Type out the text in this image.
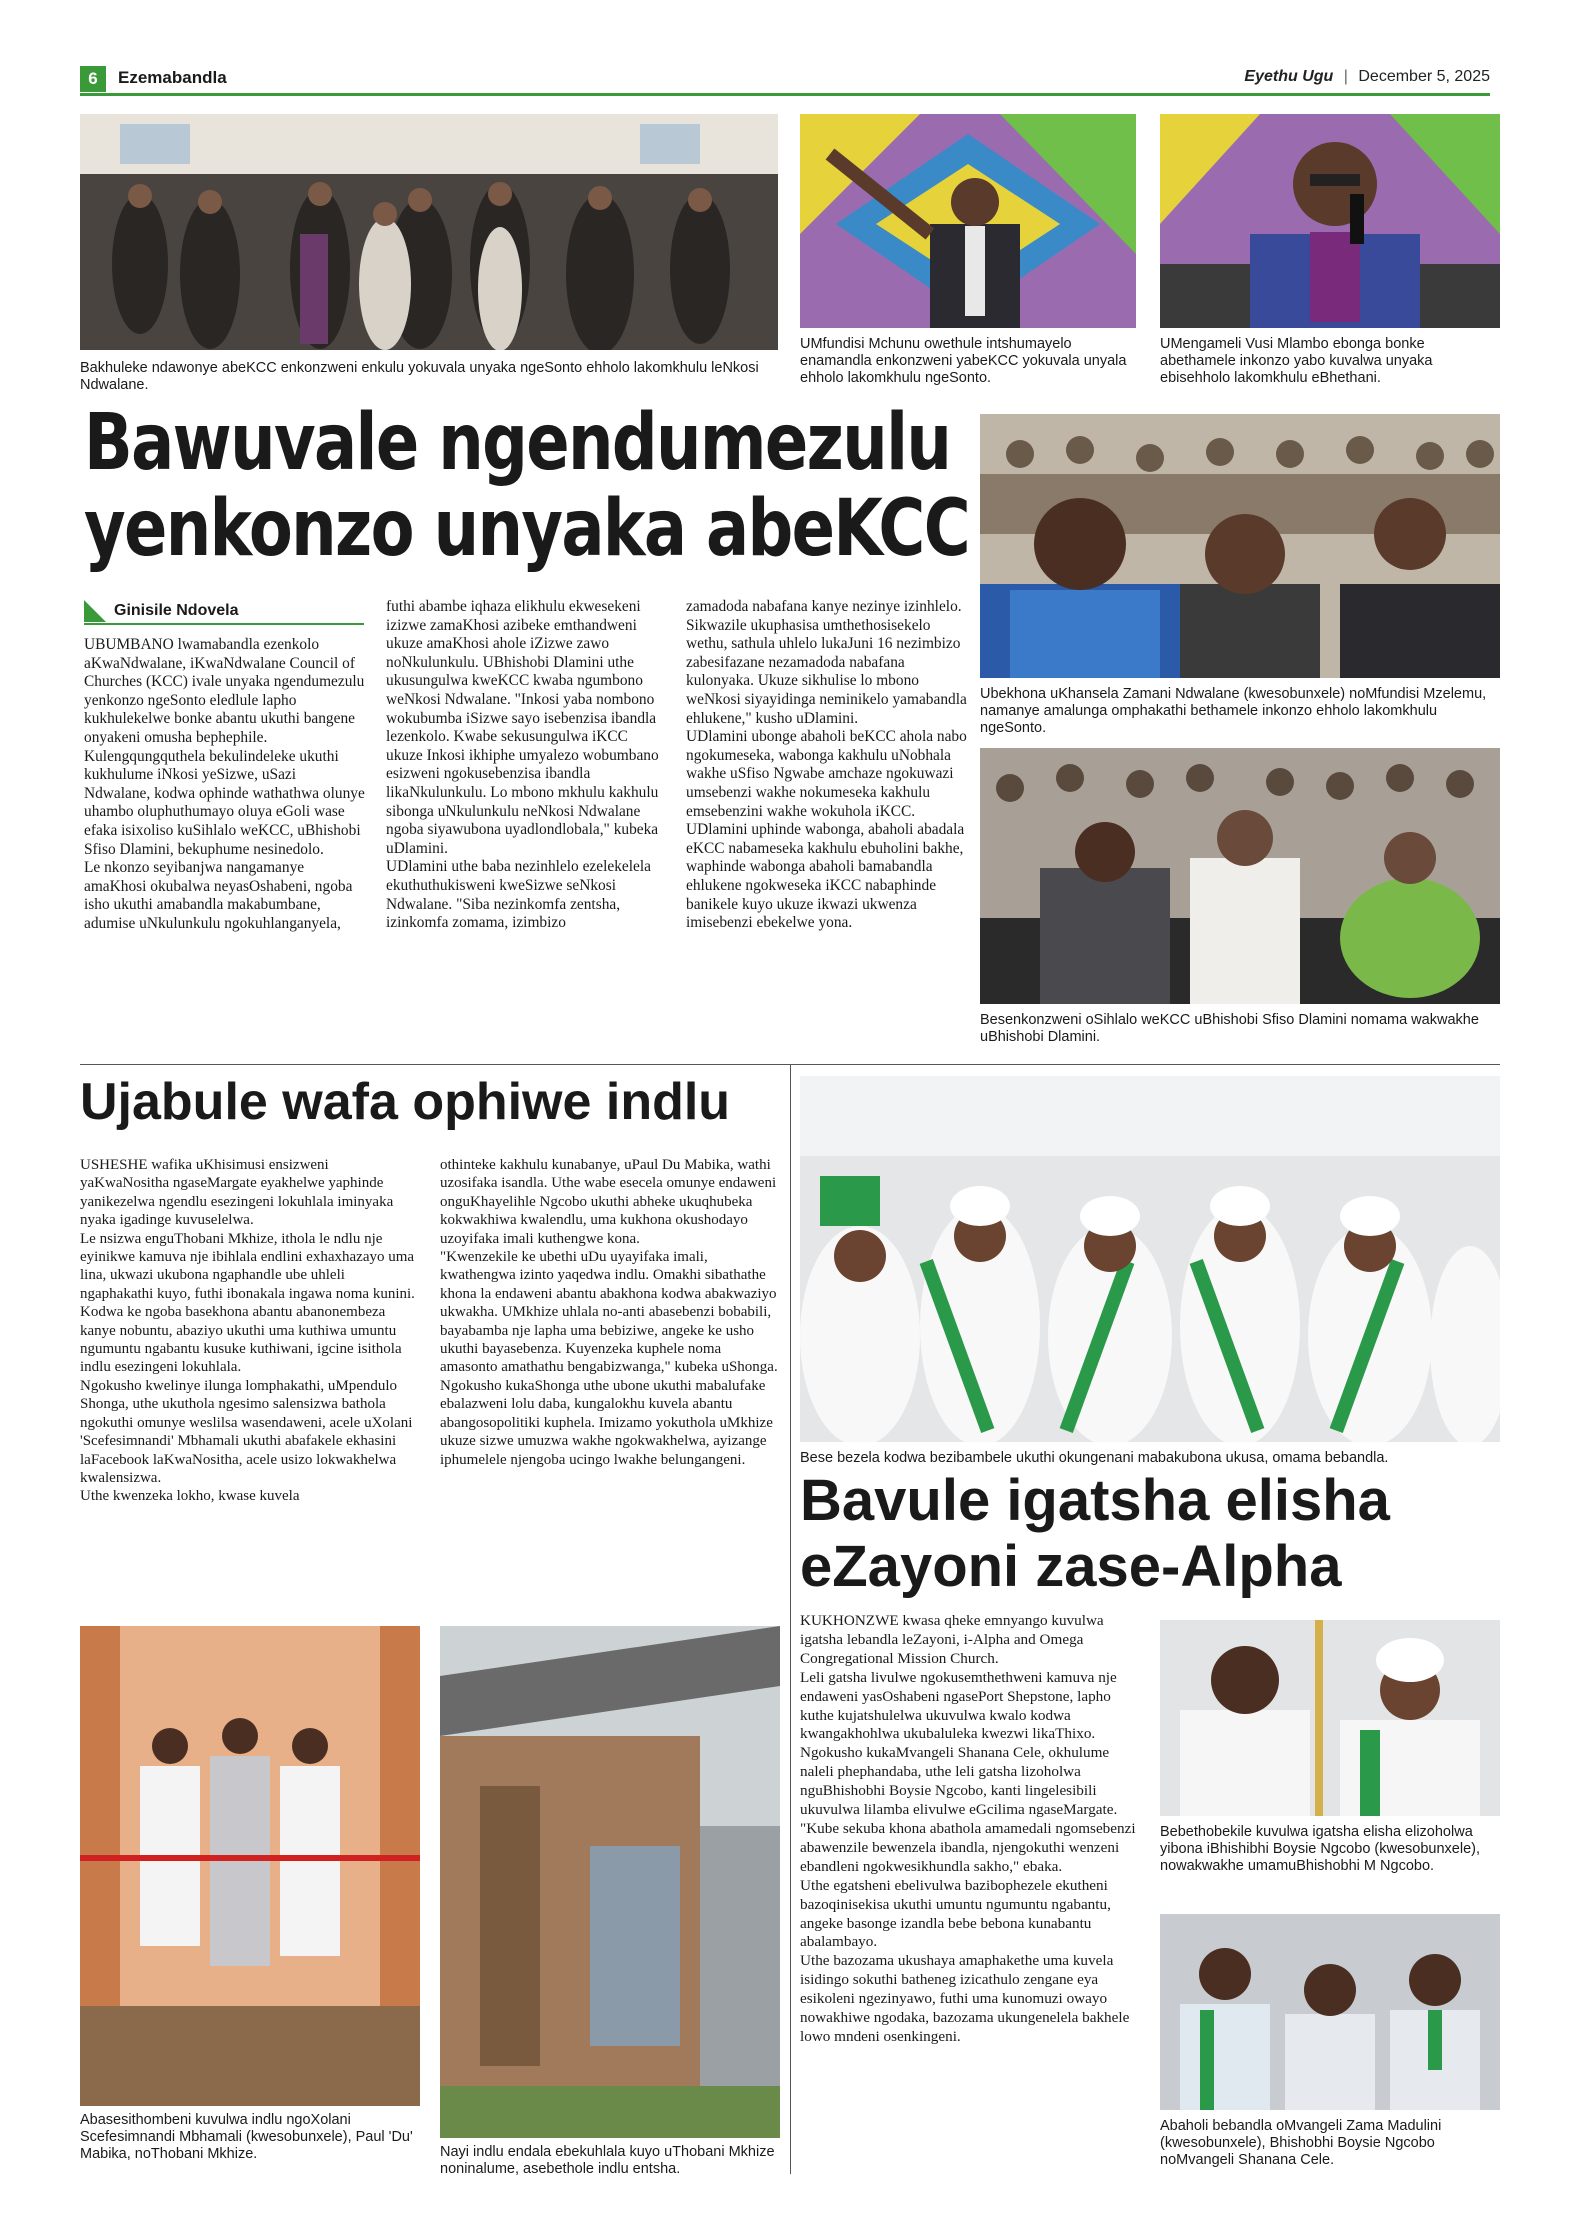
6	Ezemabandla	Eyethu Ugu | December 5, 2025
Bakhuleke ndawonye abeKCC enkonzweni enkulu yokuvala unyaka ngeSonto ehholo lakomkhulu leNkosi Ndwalane.
UMfundisi Mchunu owethule intshumayelo enamandla enkonzweni yabeKCC yokuvala unyala ehholo lakomkhulu ngeSonto.
UMengameli Vusi Mlambo ebonga bonke abethamele inkonzo yabo kuvalwa unyaka ebisehholo lakomkhulu eBhethani.
Bawuvale ngendumezulu
yenkonzo unyaka abeKCC
Ginisile Ndovela
UBUMBANO lwamabandla ezenkolo aKwaNdwalane, iKwaNdwalane Council of Churches (KCC) ivale unyaka ngendumezulu yenkonzo ngeSonto eledlule lapho kukhulekelwe bonke abantu ukuthi bangene onyakeni omusha bephephile.
Kulengqungquthela bekulindeleke ukuthi kukhulume iNkosi yeSizwe, uSazi Ndwalane, kodwa ophinde wathathwa olunye uhambo oluphuthumayo oluya eGoli wase efaka isixoliso kuSihlalo weKCC, uBhishobi Sfiso Dlamini, bekuphume nesinedolo.
Le nkonzo seyibanjwa nangamanye amaKhosi okubalwa neyasOshabeni, ngoba isho ukuthi amabandla makabumbane, adumise uNkulunkulu ngokuhlanganyela,
futhi abambe iqhaza elikhulu ekwesekeni izizwe zamaKhosi azibeke emthandweni ukuze amaKhosi ahole iZizwe zawo noNkulunkulu. UBhishobi Dlamini uthe ukusungulwa kweKCC kwaba ngumbono weNkosi Ndwalane. "Inkosi yaba nombono wokubumba iSizwe sayo isebenzisa ibandla lezenkolo. Kwabe sekusungulwa iKCC ukuze Inkosi ikhiphe umyalezo wobumbano esizweni ngokusebenzisa ibandla likaNkulunkulu. Lo mbono mkhulu kakhulu sibonga uNkulunkulu neNkosi Ndwalane ngoba siyawubona uyadlondlobala," kubeka uDlamini.
UDlamini uthe baba nezinhlelo ezelekelela ekuthuthukisweni kweSizwe seNkosi Ndwalane. "Siba nezinkomfa zentsha, izinkomfa zomama, izimbizo
zamadoda nabafana kanye nezinye izinhlelo. Sikwazile ukuphasisa umthethosisekelo wethu, sathula uhlelo lukaJuni 16 nezimbizo zabesifazane nezamadoda nabafana kulonyaka. Ukuze sikhulise lo mbono weNkosi siyayidinga neminikelo yamabandla ehlukene," kusho uDlamini.
UDlamini ubonge abaholi beKCC ahola nabo ngokumeseka, wabonga kakhulu uNobhala wakhe uSfiso Ngwabe amchaze ngokuwazi umsebenzi wakhe nokumeseka kakhulu emsebenzini wakhe wokuhola iKCC. UDlamini uphinde wabonga, abaholi abadala eKCC nabameseka kakhulu ebuholini bakhe, waphinde wabonga abaholi bamabandla ehlukene ngokweseka iKCC nabaphinde banikele kuyo ukuze ikwazi ukwenza imisebenzi ebekelwe yona.
Ubekhona uKhansela Zamani Ndwalane (kwesobunxele) noMfundisi Mzelemu, namanye amalunga omphakathi bethamele inkonzo ehholo lakomkhulu ngeSonto.
Besenkonzweni oSihlalo weKCC uBhishobi Sfiso Dlamini nomama wakwakhe uBhishobi Dlamini.
Ujabule wafa ophiwe indlu
USHESHE wafika uKhisimusi ensizweni yaKwaNositha ngaseMargate eyakhelwe yaphinde yanikezelwa ngendlu esezingeni lokuhlala iminyaka nyaka igadinge kuvuselelwa.
Le nsizwa enguThobani Mkhize, ithola le ndlu nje eyinikwe kamuva nje ibihlala endlini exhaxhazayo uma lina, ukwazi ukubona ngaphandle ube uhleli ngaphakathi kuyo, futhi ibonakala ingawa noma kunini.
Kodwa ke ngoba basekhona abantu abanonembeza kanye nobuntu, abaziyo ukuthi uma kuthiwa umuntu ngumuntu ngabantu kusuke kuthiwani, igcine isithola indlu esezingeni lokuhlala.
Ngokusho kwelinye ilunga lomphakathi, uMpendulo Shonga, uthe ukuthola ngesimo salensizwa bathola ngokuthi omunye weslilsa wasendaweni, acele uXolani 'Scefesimnandi' Mbhamali ukuthi abafakele ekhasini laFacebook laKwaNositha, acele usizo lokwakhelwa kwalensizwa.
Uthe kwenzeka lokho, kwase kuvela
othinteke kakhulu kunabanye, uPaul Du Mabika, wathi uzosifaka isandla. Uthe wabe esecela omunye endaweni onguKhayelihle Ngcobo ukuthi abheke ukuqhubeka kokwakhiwa kwalendlu, uma kukhona okushodayo uzoyifaka imali kuthengwe kona.
"Kwenzekile ke ubethi uDu uyayifaka imali, kwathengwa izinto yaqedwa indlu. Omakhi sibathathe khona la endaweni abantu abakhona kodwa abakwaziyo ukwakha. UMkhize uhlala no-anti abasebenzi bobabili, bayabamba nje lapha uma bebiziwe, angeke ke usho ukuthi bayasebenza. Kuyenzeka kuphele noma amasonto amathathu bengabizwanga," kubeka uShonga.
Ngokusho kukaShonga uthe ubone ukuthi mabalufake ebalazweni lolu daba, kungalokhu kuvela abantu abangosopolitiki kuphela. Imizamo yokuthola uMkhize ukuze sizwe umuzwa wakhe ngokwakhelwa, ayizange iphumelele njengoba ucingo lwakhe belungangeni.
Abasesithombeni kuvulwa indlu ngoXolani Scefesimnandi Mbhamali (kwesobunxele), Paul 'Du' Mabika, noThobani Mkhize.	Nayi indlu endala ebekuhlala kuyo uThobani Mkhize noninalume, asebethole indlu entsha.
Bese bezela kodwa bezibambele ukuthi okungenani mabakubona ukusa, omama bebandla.
Bavule igatsha elisha
eZayoni zase-Alpha
KUKHONZWE kwasa qheke emnyango kuvulwa igatsha lebandla leZayoni, i-Alpha and Omega Congregational Mission Church.
Leli gatsha livulwe ngokusemthethweni kamuva nje endaweni yasOshabeni ngasePort Shepstone, lapho kuthe kujatshulelwa ukuvulwa kwalo kodwa kwangakhohlwa ukubaluleka kwezwi likaThixo.
Ngokusho kukaMvangeli Shanana Cele, okhulume naleli phephandaba, uthe leli gatsha lizoholwa nguBhishobhi Boysie Ngcobo, kanti lingelesibili ukuvulwa lilamba elivulwe eGcilima ngaseMargate. "Kube sekuba khona abathola amamedali ngomsebenzi abawenzile bewenzela ibandla, njengokuthi wenzeni ebandleni ngokwesikhundla sakho," ebaka.
Uthe egatsheni ebelivulwa bazibophezele ekutheni bazoqinisekisa ukuthi umuntu ngumuntu ngabantu, angeke basonge izandla bebe bebona kunabantu abalambayo.
Uthe bazozama ukushaya amaphakethe uma kuvela isidingo sokuthi batheneg izicathulo zengane eya esikoleni ngezinyawo, futhi uma kunomuzi owayo nowakhiwe ngodaka, bazozama ukungenelela bakhele lowo mndeni osenkingeni.
Bebethobekile kuvulwa igatsha elisha elizoholwa yibona iBhishibhi Boysie Ngcobo (kwesobunxele), nowakwakhe umamuBhishobhi M Ngcobo.
Abaholi bebandla oMvangeli Zama Madulini (kwesobunxele), Bhishobhi Boysie Ngcobo noMvangeli Shanana Cele.
